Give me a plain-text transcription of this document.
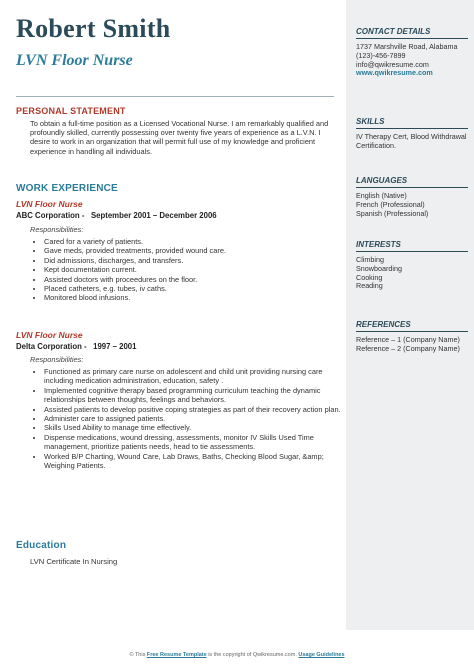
Robert Smith
LVN Floor Nurse
PERSONAL STATEMENT
To obtain a full-time position as a Licensed Vocational Nurse. I am remarkably qualified and profoundly skilled, currently possessing over twenty five years of experience as a L.V.N. I desire to work in an organization that will permit full use of my knowledge and proficient experience in handling all individuals.
WORK EXPERIENCE
LVN Floor Nurse
ABC Corporation - September 2001 – December 2006
Responsibilities:
• Cared for a variety of patients.
• Gave meds, provided treatments, provided wound care.
• Did admissions, discharges, and transfers.
• Kept documentation current.
• Assisted doctors with proceedures on the floor.
• Placed catheters, e.g. tubes, iv caths.
• Monitored blood infusions.
LVN Floor Nurse
Delta Corporation - 1997 – 2001
Responsibilities:
• Functioned as primary care nurse on adolescent and child unit providing nursing care including medication administration, education, safety .
• Implemented cognitive therapy based programming curriculum teaching the dynamic relationships between thoughts, feelings and behaviors.
• Assisted patients to develop positive coping strategies as part of their recovery action plan.
• Administer care to assigned patients.
• Skills Used Ability to manage time effectively.
• Dispense medications, wound dressing, assessments, monitor IV Skills Used Time management, prioritize patients needs, head to tie assessments.
• Worked B/P Charting, Wound Care, Lab Draws, Baths, Checking Blood Sugar, &amp; Weighing Patients.
Education
LVN Certificate In Nursing
CONTACT DETAILS
1737 Marshville Road, Alabama
(123)-456-7899
info@qwikresume.com
www.qwikresume.com
SKILLS
IV Therapy Cert, Blood Withdrawal Certification.
LANGUAGES
English (Native)
French (Professional)
Spanish (Professional)
INTERESTS
Climbing
Snowboarding
Cooking
Reading
REFERENCES
Reference – 1 (Company Name)
Reference – 2 (Company Name)
© This Free Resume Template is the copyright of Qwikresume.com. Usage Guidelines
